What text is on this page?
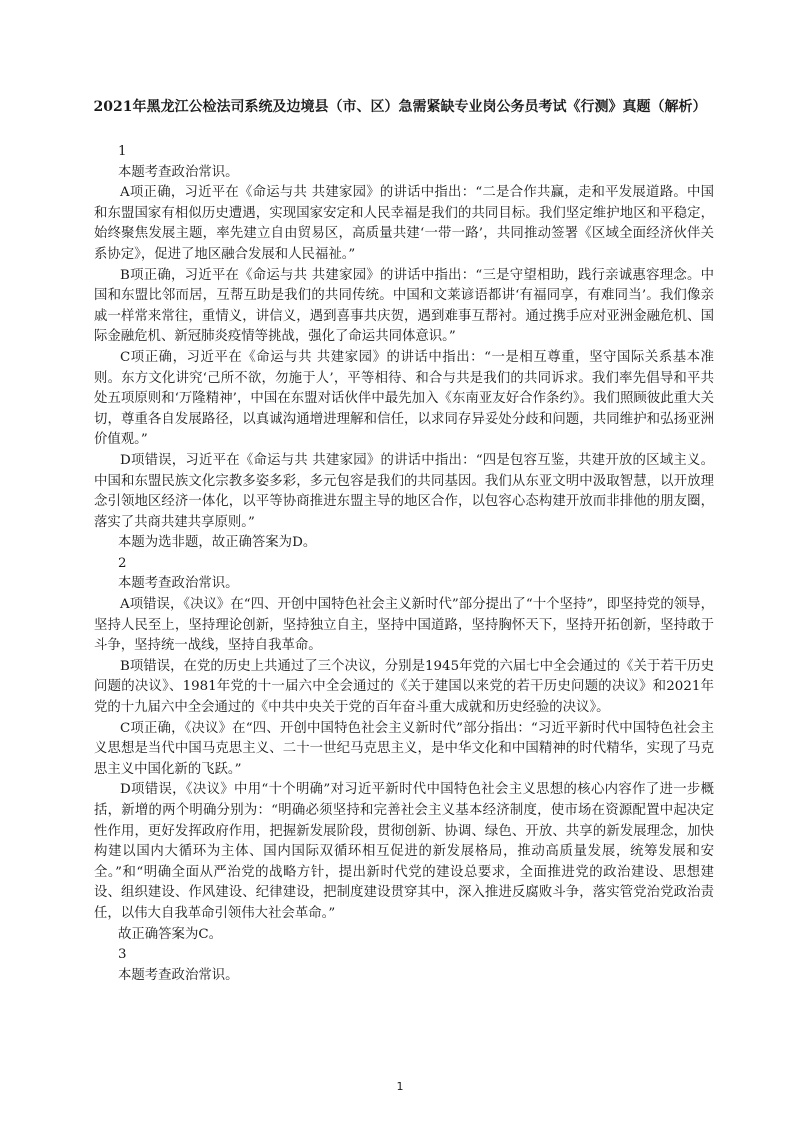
2021年黑龙江公检法司系统及边境县（市、区）急需紧缺专业岗公务员考试《行测》真题（解析）

1

本题考查政治常识。

A项正确，习近平在《命运与共 共建家园》的讲话中指出：“二是合作共赢，走和平发展道路。中国和东盟国家有相似历史遭遇，实现国家安定和人民幸福是我们的共同目标。我们坚定维护地区和平稳定，始终聚焦发展主题，率先建立自由贸易区，高质量共建‘一带一路’，共同推动签署《区域全面经济伙伴关系协定》，促进了地区融合发展和人民福祉。”

B项正确，习近平在《命运与共 共建家园》的讲话中指出：“三是守望相助，践行亲诚惠容理念。中国和东盟比邻而居，互帮互助是我们的共同传统。中国和文莱谚语都讲‘有福同享，有难同当’。我们像亲戚一样常来常往，重情义，讲信义，遇到喜事共庆贺，遇到难事互帮衬。通过携手应对亚洲金融危机、国际金融危机、新冠肺炎疫情等挑战，强化了命运共同体意识。”

C项正确，习近平在《命运与共 共建家园》的讲话中指出：“一是相互尊重，坚守国际关系基本准则。东方文化讲究‘己所不欲，勿施于人’，平等相待、和合与共是我们的共同诉求。我们率先倡导和平共处五项原则和‘万隆精神’，中国在东盟对话伙伴中最先加入《东南亚友好合作条约》。我们照顾彼此重大关切，尊重各自发展路径，以真诚沟通增进理解和信任，以求同存异妥处分歧和问题，共同维护和弘扬亚洲价值观。”

D项错误，习近平在《命运与共 共建家园》的讲话中指出：“四是包容互鉴，共建开放的区域主义。中国和东盟民族文化宗教多姿多彩，多元包容是我们的共同基因。我们从东亚文明中汲取智慧，以开放理念引领地区经济一体化，以平等协商推进东盟主导的地区合作，以包容心态构建开放而非排他的朋友圈，落实了共商共建共享原则。”

本题为选非题，故正确答案为D。

2

本题考查政治常识。

A项错误，《决议》在“四、开创中国特色社会主义新时代”部分提出了“十个坚持”，即坚持党的领导，坚持人民至上，坚持理论创新，坚持独立自主，坚持中国道路，坚持胸怀天下，坚持开拓创新，坚持敢于斗争，坚持统一战线，坚持自我革命。

B项错误，在党的历史上共通过了三个决议，分别是1945年党的六届七中全会通过的《关于若干历史问题的决议》、1981年党的十一届六中全会通过的《关于建国以来党的若干历史问题的决议》和2021年党的十九届六中全会通过的《中共中央关于党的百年奋斗重大成就和历史经验的决议》。

C项正确，《决议》在“四、开创中国特色社会主义新时代”部分指出：“习近平新时代中国特色社会主义思想是当代中国马克思主义、二十一世纪马克思主义，是中华文化和中国精神的时代精华，实现了马克思主义中国化新的飞跃。”

D项错误，《决议》中用“十个明确”对习近平新时代中国特色社会主义思想的核心内容作了进一步概括，新增的两个明确分别为：“明确必须坚持和完善社会主义基本经济制度，使市场在资源配置中起决定性作用，更好发挥政府作用，把握新发展阶段，贯彻创新、协调、绿色、开放、共享的新发展理念，加快构建以国内大循环为主体、国内国际双循环相互促进的新发展格局，推动高质量发展，统筹发展和安全。”和“明确全面从严治党的战略方针，提出新时代党的建设总要求，全面推进党的政治建设、思想建设、组织建设、作风建设、纪律建设，把制度建设贯穿其中，深入推进反腐败斗争，落实管党治党政治责任，以伟大自我革命引领伟大社会革命。”

故正确答案为C。

3

本题考查政治常识。

1
